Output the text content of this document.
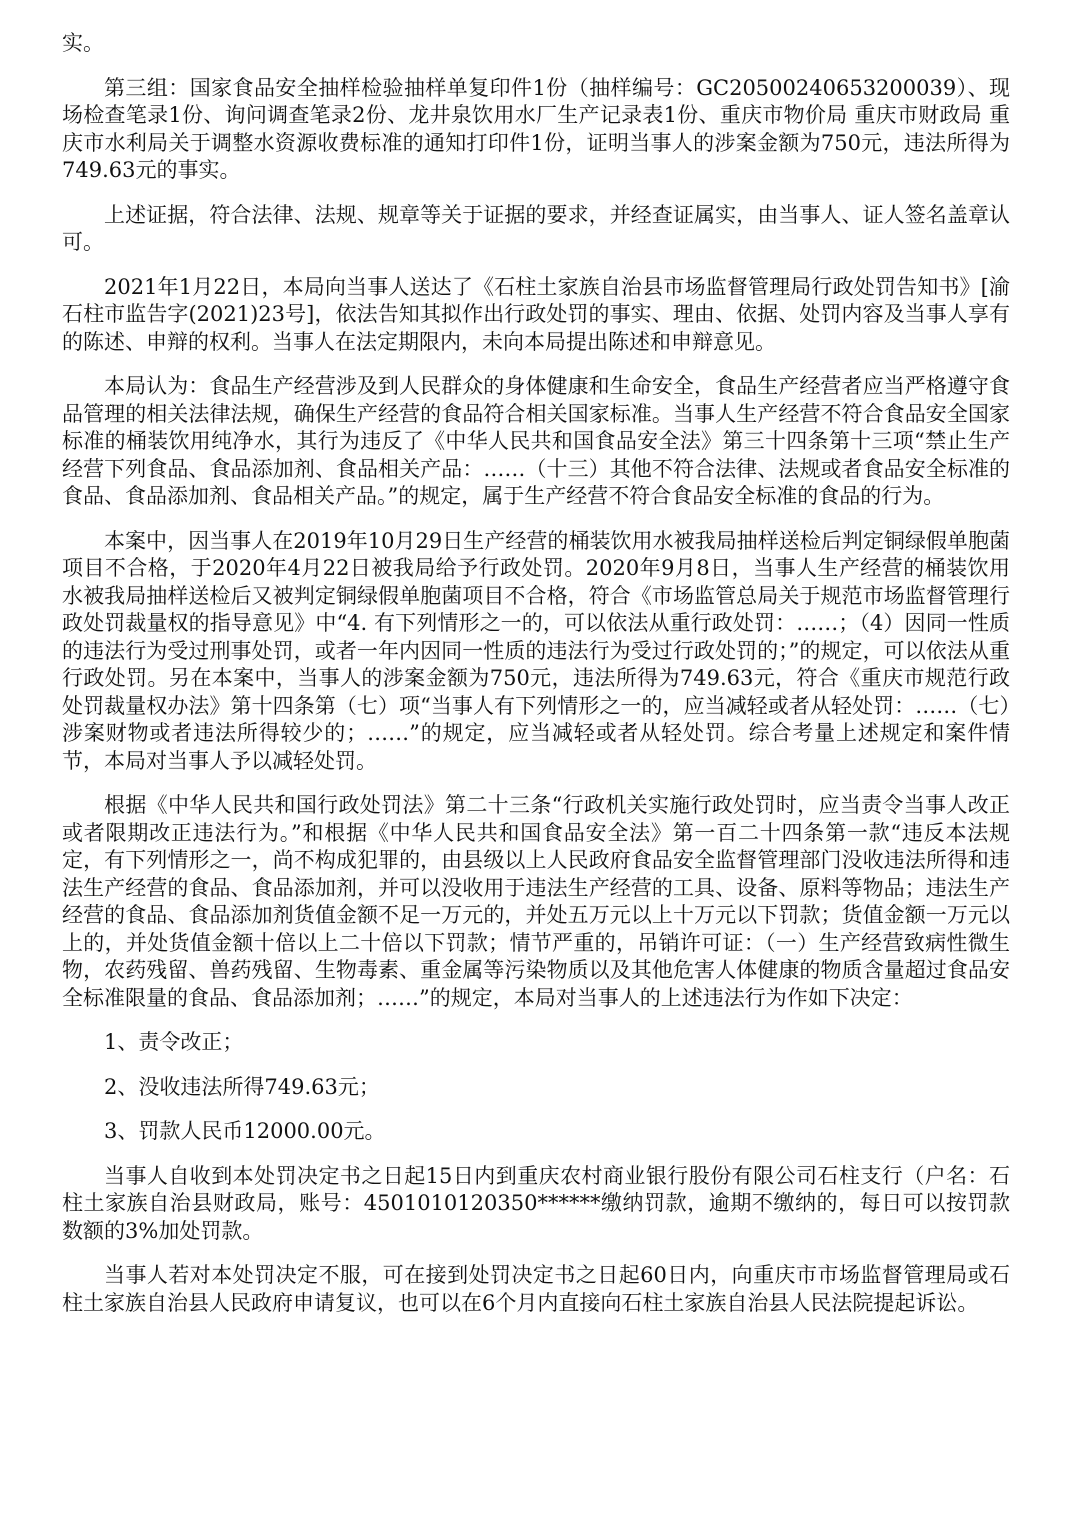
实。

第三组：国家食品安全抽样检验抽样单复印件1份（抽样编号：GC20500240653200039）、现场检查笔录1份、询问调查笔录2份、龙井泉饮用水厂生产记录表1份、重庆市物价局 重庆市财政局 重庆市水利局关于调整水资源收费标准的通知打印件1份，证明当事人的涉案金额为750元，违法所得为749.63元的事实。

上述证据，符合法律、法规、规章等关于证据的要求，并经查证属实，由当事人、证人签名盖章认可。

2021年1月22日，本局向当事人送达了《石柱土家族自治县市场监督管理局行政处罚告知书》[渝石柱市监告字(2021)23号]，依法告知其拟作出行政处罚的事实、理由、依据、处罚内容及当事人享有的陈述、申辩的权利。当事人在法定期限内，未向本局提出陈述和申辩意见。

本局认为：食品生产经营涉及到人民群众的身体健康和生命安全，食品生产经营者应当严格遵守食品管理的相关法律法规，确保生产经营的食品符合相关国家标准。当事人生产经营不符合食品安全国家标准的桶装饮用纯净水，其行为违反了《中华人民共和国食品安全法》第三十四条第十三项“禁止生产经营下列食品、食品添加剂、食品相关产品：……（十三）其他不符合法律、法规或者食品安全标准的食品、食品添加剂、食品相关产品。”的规定，属于生产经营不符合食品安全标准的食品的行为。

本案中，因当事人在2019年10月29日生产经营的桶装饮用水被我局抽样送检后判定铜绿假单胞菌项目不合格，于2020年4月22日被我局给予行政处罚。2020年9月8日，当事人生产经营的桶装饮用水被我局抽样送检后又被判定铜绿假单胞菌项目不合格，符合《市场监管总局关于规范市场监督管理行政处罚裁量权的指导意见》中“4. 有下列情形之一的，可以依法从重行政处罚：……；（4）因同一性质的违法行为受过刑事处罚，或者一年内因同一性质的违法行为受过行政处罚的；”的规定，可以依法从重行政处罚。另在本案中，当事人的涉案金额为750元，违法所得为749.63元，符合《重庆市规范行政处罚裁量权办法》第十四条第（七）项“当事人有下列情形之一的，应当减轻或者从轻处罚：……（七）涉案财物或者违法所得较少的；……”的规定，应当减轻或者从轻处罚。综合考量上述规定和案件情节，本局对当事人予以减轻处罚。

根据《中华人民共和国行政处罚法》第二十三条“行政机关实施行政处罚时，应当责令当事人改正或者限期改正违法行为。”和根据《中华人民共和国食品安全法》第一百二十四条第一款“违反本法规定，有下列情形之一，尚不构成犯罪的，由县级以上人民政府食品安全监督管理部门没收违法所得和违法生产经营的食品、食品添加剂，并可以没收用于违法生产经营的工具、设备、原料等物品；违法生产经营的食品、食品添加剂货值金额不足一万元的，并处五万元以上十万元以下罚款；货值金额一万元以上的，并处货值金额十倍以上二十倍以下罚款；情节严重的，吊销许可证：（一）生产经营致病性微生物，农药残留、兽药残留、生物毒素、重金属等污染物质以及其他危害人体健康的物质含量超过食品安全标准限量的食品、食品添加剂；……”的规定，本局对当事人的上述违法行为作如下决定：

1、责令改正；

2、没收违法所得749.63元；

3、罚款人民币12000.00元。

当事人自收到本处罚决定书之日起15日内到重庆农村商业银行股份有限公司石柱支行（户名：石柱土家族自治县财政局，账号：4501010120350******缴纳罚款，逾期不缴纳的，每日可以按罚款数额的3%加处罚款。

当事人若对本处罚决定不服，可在接到处罚决定书之日起60日内，向重庆市市场监督管理局或石柱土家族自治县人民政府申请复议，也可以在6个月内直接向石柱土家族自治县人民法院提起诉讼。
